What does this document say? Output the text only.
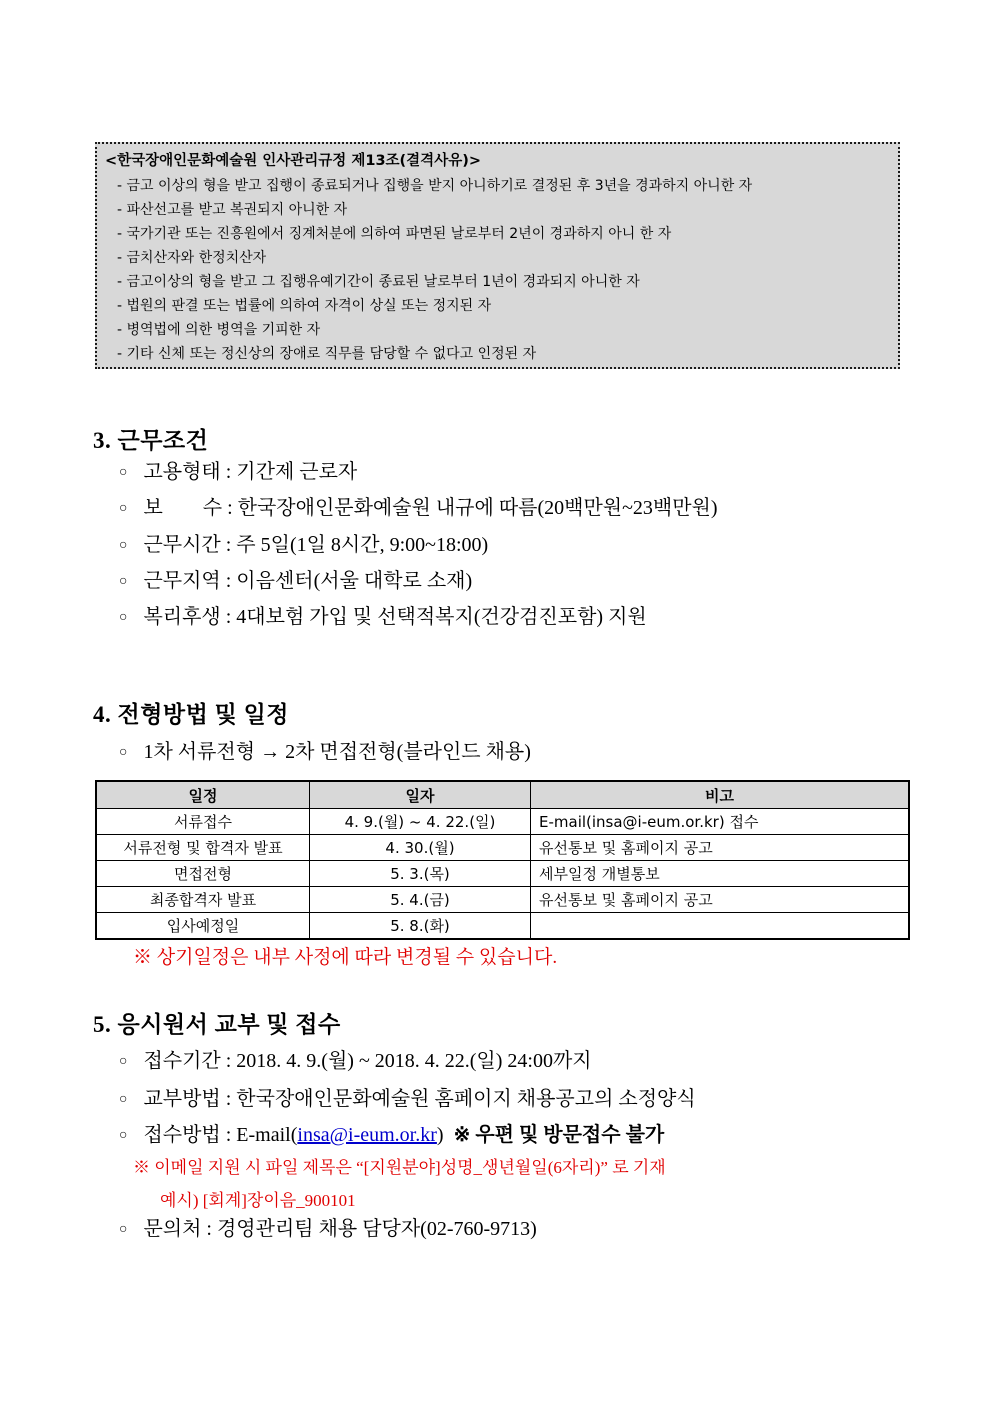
<한국장애인문화예술원 인사관리규정 제13조(결격사유)>
- 금고 이상의 형을 받고 집행이 종료되거나 집행을 받지 아니하기로 결정된 후 3년을 경과하지 아니한 자
- 파산선고를 받고 복권되지 아니한 자
- 국가기관 또는 진흥원에서 징계처분에 의하여 파면된 날로부터 2년이 경과하지 아니 한 자
- 금치산자와 한정치산자
- 금고이상의 형을 받고 그 집행유예기간이 종료된 날로부터 1년이 경과되지 아니한 자
- 법원의 판결 또는 법률에 의하여 자격이 상실 또는 정지된 자
- 병역법에 의한 병역을 기피한 자
- 기타 신체 또는 정신상의 장애로 직무를 담당할 수 없다고 인정된 자
3. 근무조건
○ 고용형태 : 기간제 근로자
○ 보　　수 : 한국장애인문화예술원 내규에 따름(20백만원~23백만원)
○ 근무시간 : 주 5일(1일 8시간, 9:00~18:00)
○ 근무지역 : 이음센터(서울 대학로 소재)
○ 복리후생 : 4대보험 가입 및 선택적복지(건강검진포함) 지원
4. 전형방법 및 일정
○ 1차 서류전형 → 2차 면접전형(블라인드 채용)
일정	일자	비고
서류접수	4. 9.(월) ~ 4. 22.(일)	E-mail(insa@i-eum.or.kr) 접수
서류전형 및 합격자 발표	4. 30.(월)	유선통보 및 홈페이지 공고
면접전형	5. 3.(목)	세부일정 개별통보
최종합격자 발표	5. 4.(금)	유선통보 및 홈페이지 공고
입사예정일	5. 8.(화)	
※ 상기일정은 내부 사정에 따라 변경될 수 있습니다.
5. 응시원서 교부 및 접수
○ 접수기간 : 2018. 4. 9.(월) ~ 2018. 4. 22.(일) 24:00까지
○ 교부방법 : 한국장애인문화예술원 홈페이지 채용공고의 소정양식
○ 접수방법 : E-mail(insa@i-eum.or.kr) ※ 우편 및 방문접수 불가
※ 이메일 지원 시 파일 제목은 “[지원분야]성명_생년월일(6자리)” 로 기재
예시) [회계]장이음_900101
○ 문의처 : 경영관리팀 채용 담당자(02-760-9713)
